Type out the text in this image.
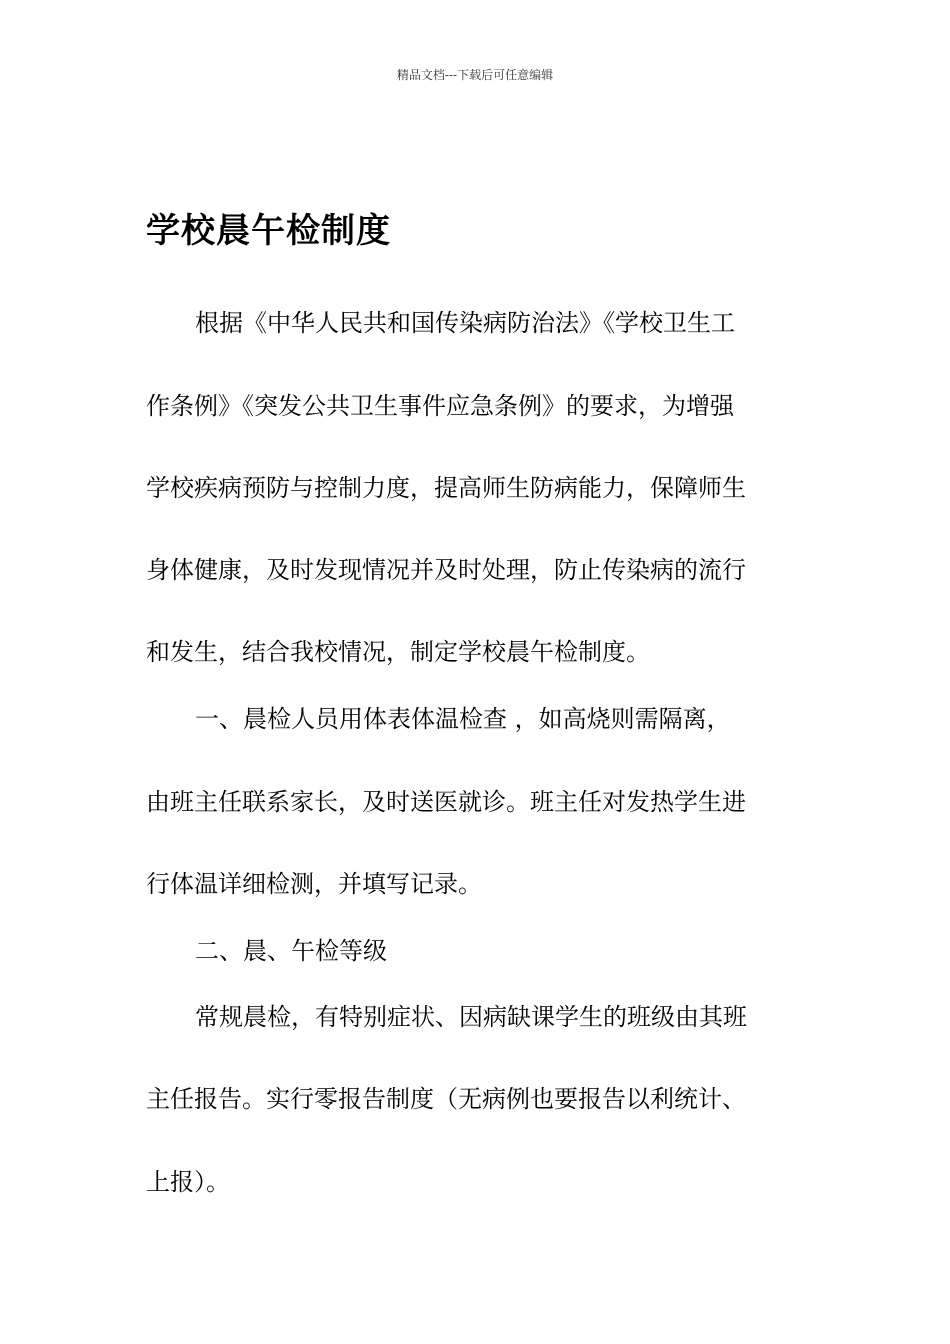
精品文档---下载后可任意编辑
学校晨午检制度
根据《中华人民共和国传染病防治法》《学校卫生工
作条例》《突发公共卫生事件应急条例》的要求，为增强
学校疾病预防与控制力度，提高师生防病能力，保障师生
身体健康，及时发现情况并及时处理，防止传染病的流行
和发生，结合我校情况，制定学校晨午检制度。
一、晨检人员用体表体温检查 ，如高烧则需隔离，
由班主任联系家长，及时送医就诊。班主任对发热学生进
行体温详细检测，并填写记录。
二、晨、午检等级
常规晨检，有特别症状、因病缺课学生的班级由其班
主任报告。实行零报告制度（无病例也要报告以利统计、
上报）。
